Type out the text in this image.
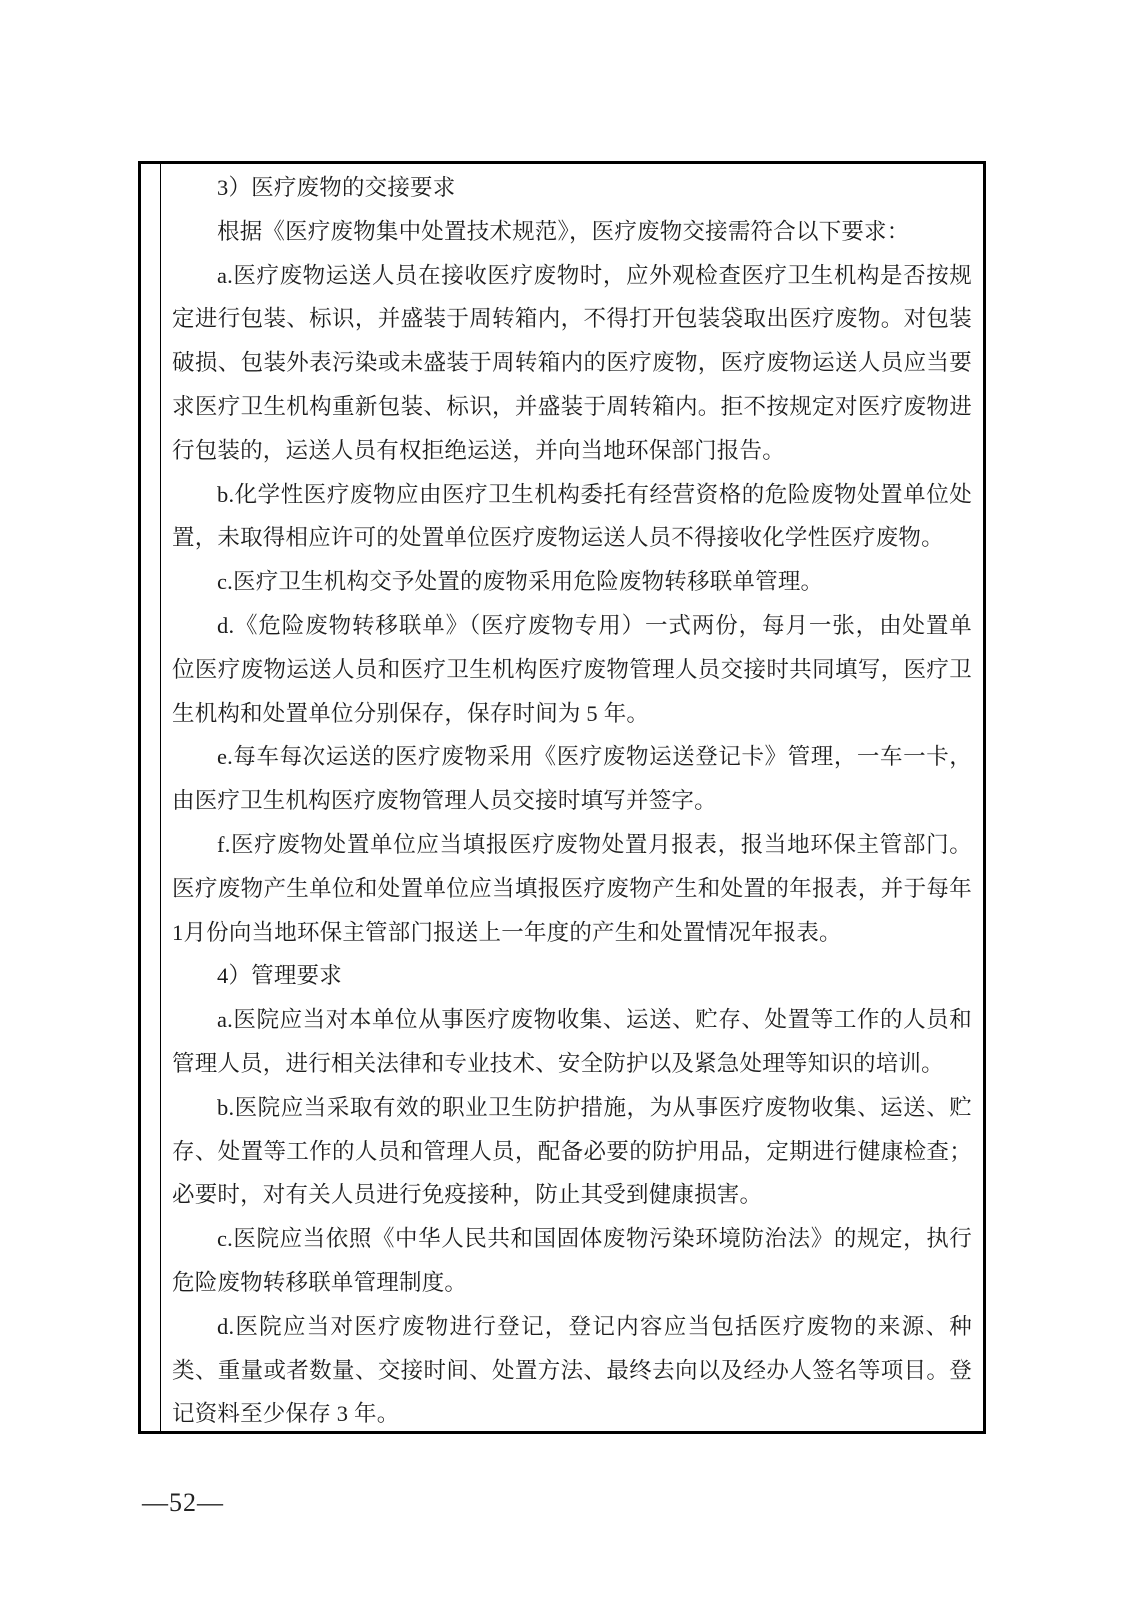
3）医疗废物的交接要求

根据《医疗废物集中处置技术规范》，医疗废物交接需符合以下要求：

a.医疗废物运送人员在接收医疗废物时，应外观检查医疗卫生机构是否按规定进行包装、标识，并盛装于周转箱内，不得打开包装袋取出医疗废物。对包装破损、包装外表污染或未盛装于周转箱内的医疗废物，医疗废物运送人员应当要求医疗卫生机构重新包装、标识，并盛装于周转箱内。拒不按规定对医疗废物进行包装的，运送人员有权拒绝运送，并向当地环保部门报告。

b.化学性医疗废物应由医疗卫生机构委托有经营资格的危险废物处置单位处置，未取得相应许可的处置单位医疗废物运送人员不得接收化学性医疗废物。

c.医疗卫生机构交予处置的废物采用危险废物转移联单管理。

d.《危险废物转移联单》（医疗废物专用）一式两份，每月一张，由处置单位医疗废物运送人员和医疗卫生机构医疗废物管理人员交接时共同填写，医疗卫生机构和处置单位分别保存，保存时间为 5 年。

e.每车每次运送的医疗废物采用《医疗废物运送登记卡》管理，一车一卡，由医疗卫生机构医疗废物管理人员交接时填写并签字。

f.医疗废物处置单位应当填报医疗废物处置月报表，报当地环保主管部门。医疗废物产生单位和处置单位应当填报医疗废物产生和处置的年报表，并于每年 1月份向当地环保主管部门报送上一年度的产生和处置情况年报表。

4）管理要求

a.医院应当对本单位从事医疗废物收集、运送、贮存、处置等工作的人员和管理人员，进行相关法律和专业技术、安全防护以及紧急处理等知识的培训。

b.医院应当采取有效的职业卫生防护措施，为从事医疗废物收集、运送、贮存、处置等工作的人员和管理人员，配备必要的防护用品，定期进行健康检查；必要时，对有关人员进行免疫接种，防止其受到健康损害。

c.医院应当依照《中华人民共和国固体废物污染环境防治法》的规定，执行危险废物转移联单管理制度。

d.医院应当对医疗废物进行登记，登记内容应当包括医疗废物的来源、种类、重量或者数量、交接时间、处置方法、最终去向以及经办人签名等项目。登记资料至少保存 3 年。

—52—
